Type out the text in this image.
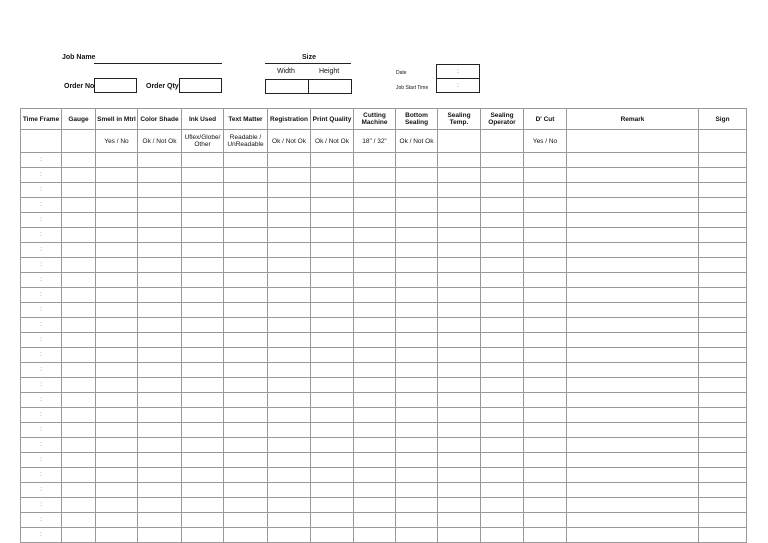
Job Name	Size
Width	Height
Order No	Order Qty
Date	:
Job Start Time	:
Time Frame	Gauge	Smell in Mtrl	Color Shade	Ink Used	Text Matter	Registration	Print Quality	Cutting Machine	Bottom Sealing	Sealing Temp.	Sealing Operator	D' Cut	Remark	Sign
		Yes / No	Ok / Not Ok	Uflex/Globe/ Other	Readable / UnReadable	Ok / Not Ok	Ok / Not Ok	18" / 32"	Ok / Not Ok			Yes / No		
:														
:														
:														
:														
:														
:														
:														
:														
:														
:														
:														
:														
:														
:														
:														
:														
:														
:														
:														
:														
:														
:														
:														
:														
:														
:														
